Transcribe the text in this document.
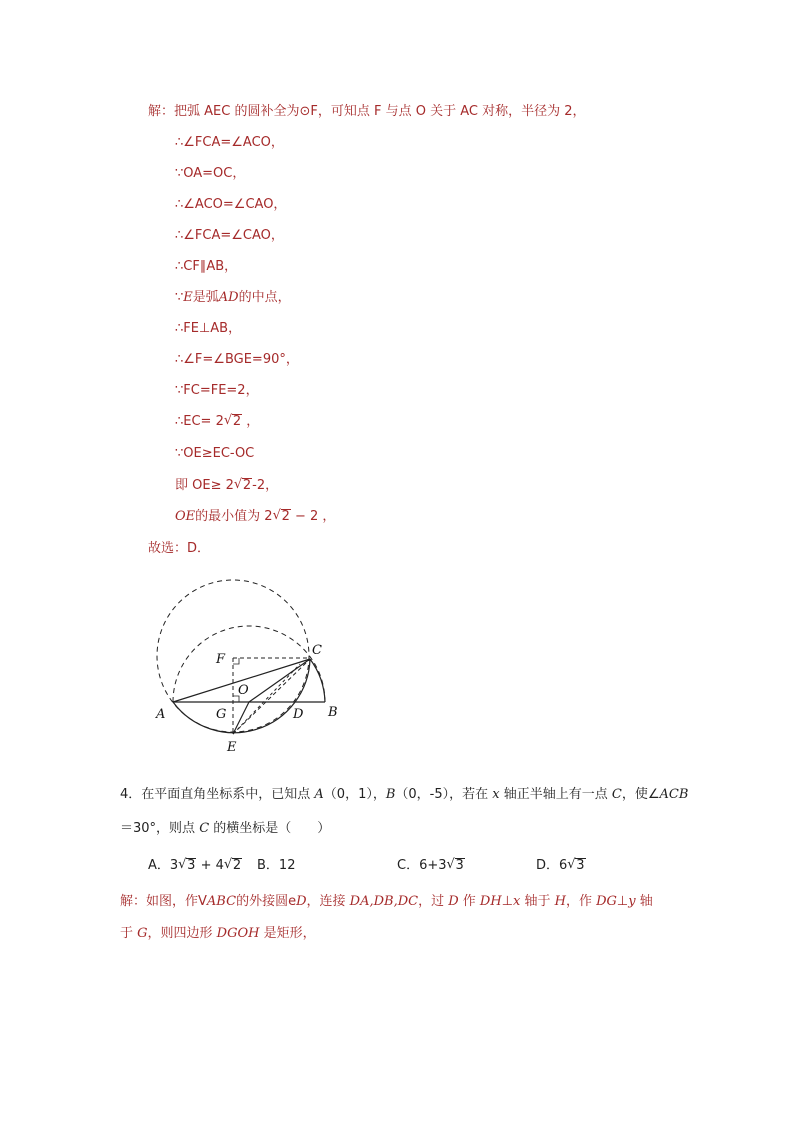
解：把弧 AEC 的圆补全为⊙F，可知点 F 与点 O 关于 AC 对称，半径为 2，
∴∠FCA=∠ACO，
∵OA=OC，
∴∠ACO=∠CAO，
∴∠FCA=∠CAO，
∴CF∥AB，
∵E是弧AD的中点，
∴FE⊥AB，
∴∠F=∠BGE=90°，
∵FC=FE=2，
∴EC= 2 √ 2 ，
∵OE≥EC-OC
即 OE≥ 2 √ 2-2，
OE的最小值为 2 √ 2 − 2 ，
故选：D．
F
C
O
A	G	D B
E
4．在平面直角坐标系中，已知点 A（0，1），B（0，-5），若在 x 轴正半轴上有一点 C，使∠ACB
＝30°，则点 C 的横坐标是（　　）
A．3 √ 3 + 4 √ 2 B．12	C．6+3 √ 3	D．6 √ 3
解：如图，作VABC的外接圆eD，连接 DA,DB,DC，过 D 作 DH⊥x 轴于 H，作 DG⊥y 轴
于 G，则四边形 DGOH 是矩形，
